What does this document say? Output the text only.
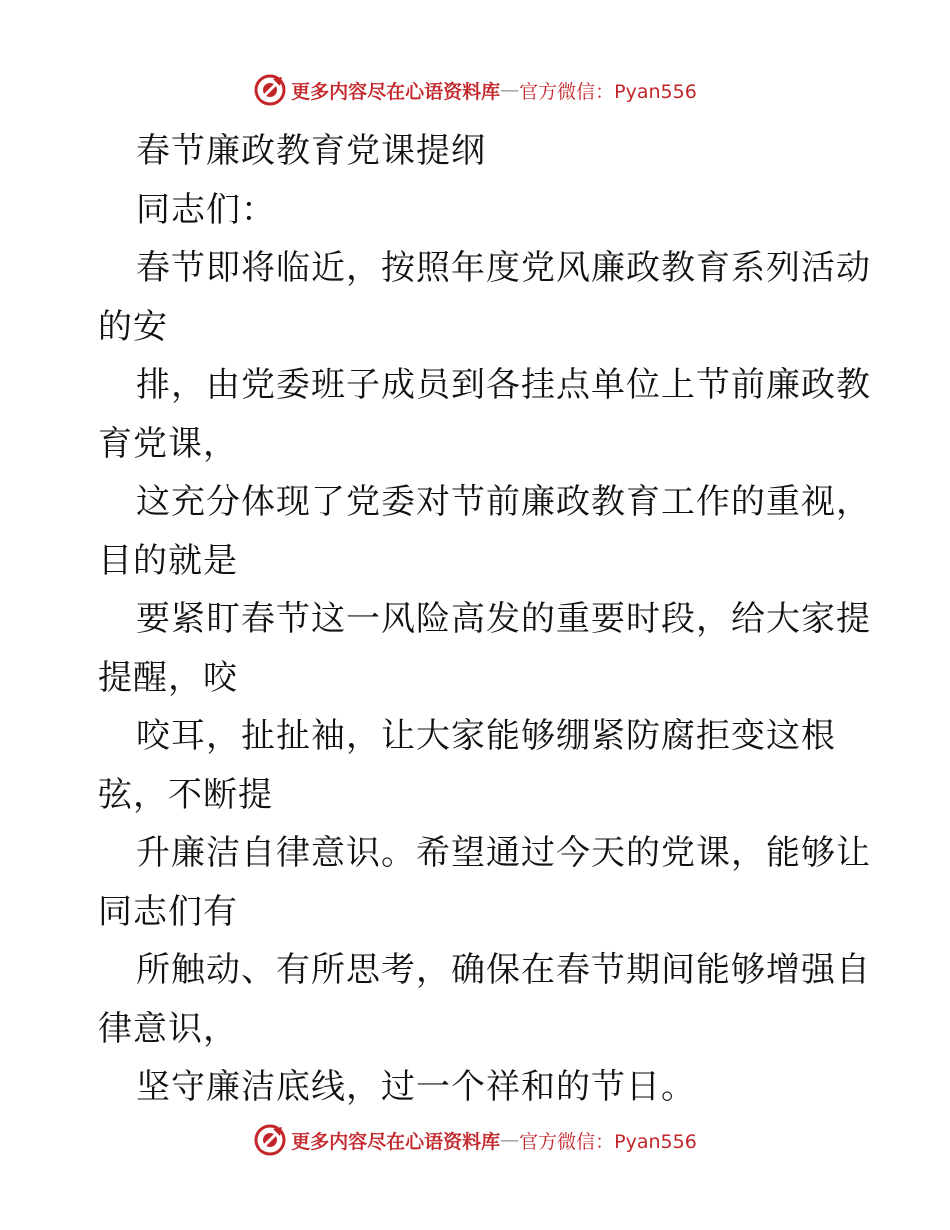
更多内容尽在心语资料库 — 官方微信：Pyan556
春节廉政教育党课提纲
同志们：
春节即将临近，按照年度党风廉政教育系列活动
的安
排，由党委班子成员到各挂点单位上节前廉政教
育党课，
这充分体现了党委对节前廉政教育工作的重视，
目的就是
要紧盯春节这一风险高发的重要时段，给大家提
提醒，咬
咬耳，扯扯袖，让大家能够绷紧防腐拒变这根
弦，不断提
升廉洁自律意识。希望通过今天的党课，能够让
同志们有
所触动、有所思考，确保在春节期间能够增强自
律意识，
坚守廉洁底线，过一个祥和的节日。
更多内容尽在心语资料库 — 官方微信：Pyan556
